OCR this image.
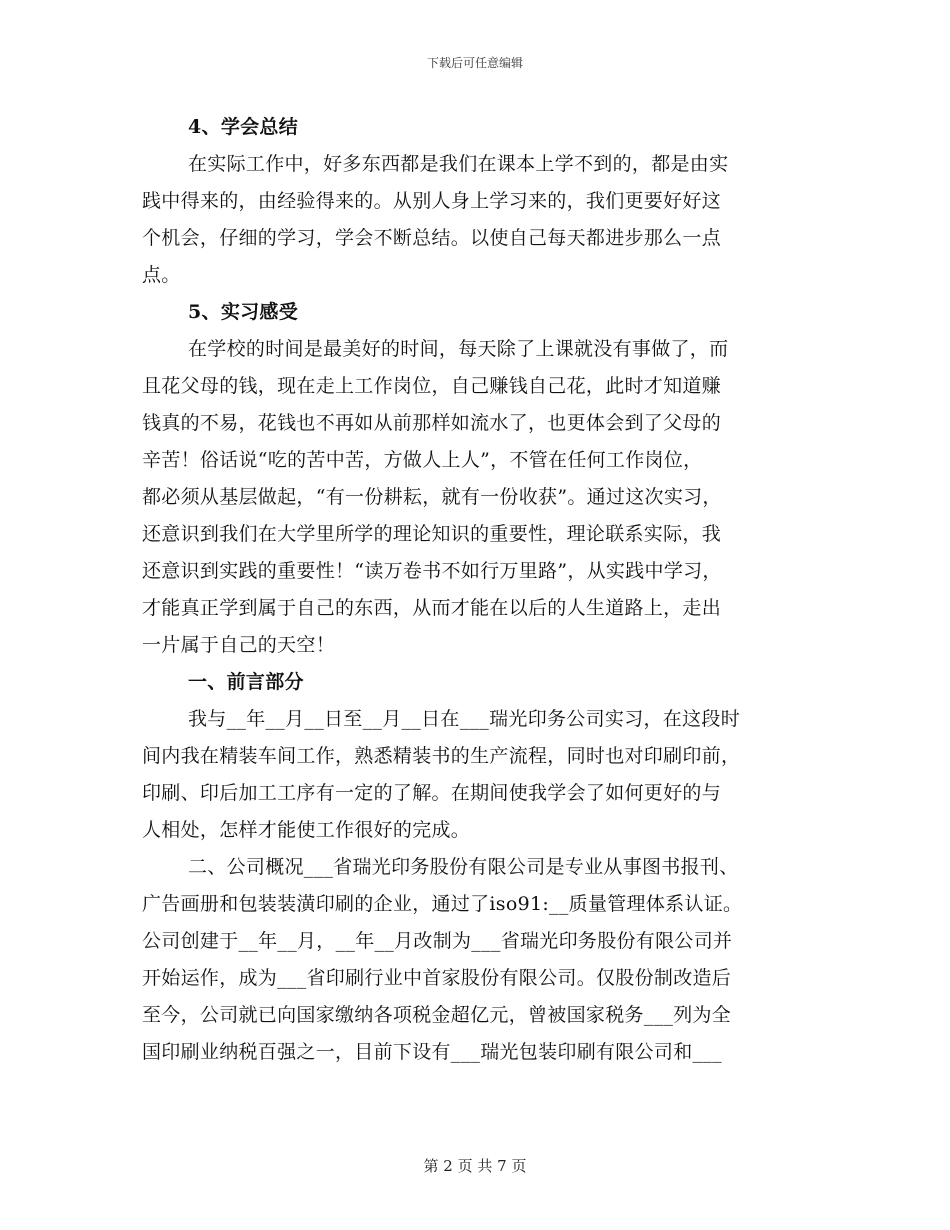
下载后可任意编辑
4、学会总结
在实际工作中，好多东西都是我们在课本上学不到的，都是由实
践中得来的，由经验得来的。从别人身上学习来的，我们更要好好这
个机会，仔细的学习，学会不断总结。以使自己每天都进步那么一点
点。
5、实习感受
在学校的时间是最美好的时间，每天除了上课就没有事做了，而
且花父母的钱，现在走上工作岗位，自己赚钱自己花，此时才知道赚
钱真的不易，花钱也不再如从前那样如流水了，也更体会到了父母的
辛苦！俗话说“吃的苦中苦，方做人上人”，不管在任何工作岗位，
都必须从基层做起，“有一份耕耘，就有一份收获”。通过这次实习，
还意识到我们在大学里所学的理论知识的重要性，理论联系实际，我
还意识到实践的重要性！“读万卷书不如行万里路”，从实践中学习，
才能真正学到属于自己的东西，从而才能在以后的人生道路上，走出
一片属于自己的天空！
一、前言部分
我与__年__月__日至__月__日在___瑞光印务公司实习，在这段时
间内我在精装车间工作，熟悉精装书的生产流程，同时也对印刷印前，
印刷、印后加工工序有一定的了解。在期间使我学会了如何更好的与
人相处，怎样才能使工作很好的完成。
二、公司概况___省瑞光印务股份有限公司是专业从事图书报刊、
广告画册和包装装潢印刷的企业，通过了iso91:__质量管理体系认证。
公司创建于__年__月，__年__月改制为___省瑞光印务股份有限公司并
开始运作，成为___省印刷行业中首家股份有限公司。仅股份制改造后
至今，公司就已向国家缴纳各项税金超亿元，曾被国家税务___列为全
国印刷业纳税百强之一，目前下设有___瑞光包装印刷有限公司和___
第 2 页 共 7 页
